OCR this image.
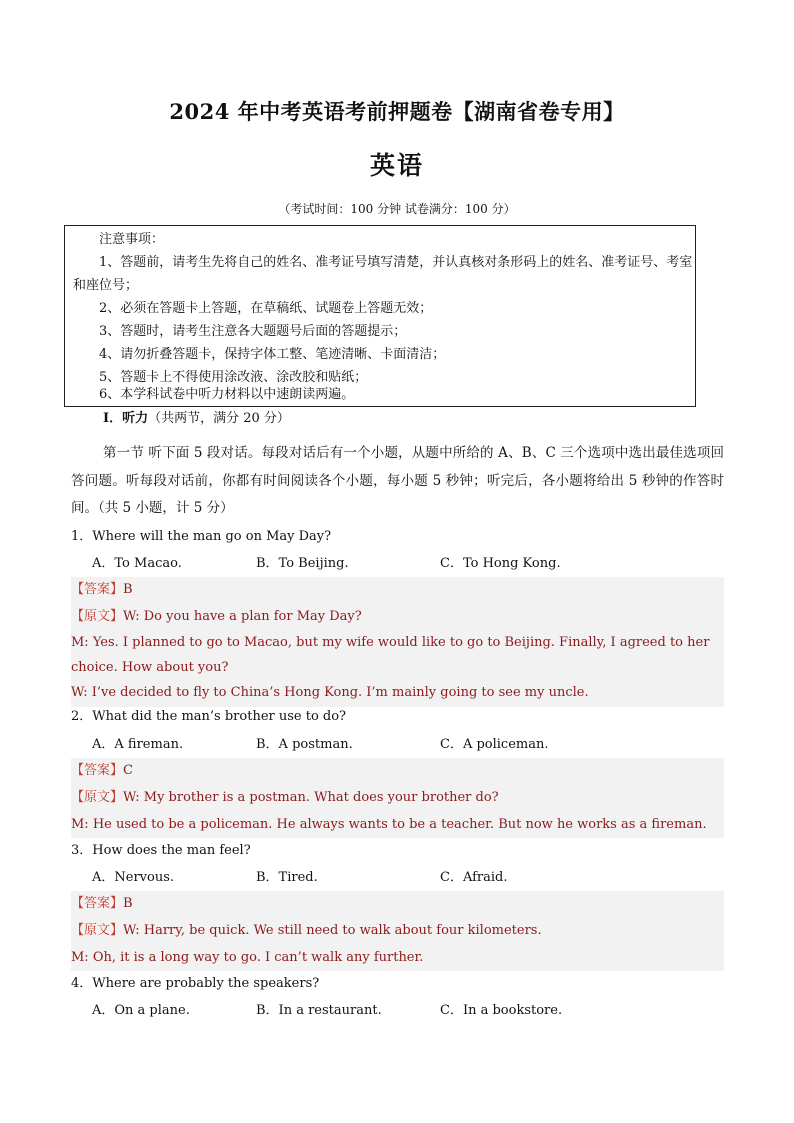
2024 年中考英语考前押题卷【湖南省卷专用】
英语
（考试时间：100 分钟 试卷满分：100 分）
注意事项：
1、答题前，请考生先将自己的姓名、准考证号填写清楚，并认真核对条形码上的姓名、准考证号、考室和座位号；
2、必须在答题卡上答题，在草稿纸、试题卷上答题无效；
3、答题时，请考生注意各大题题号后面的答题提示；
4、请勿折叠答题卡，保持字体工整、笔迹清晰、卡面清洁；
5、答题卡上不得使用涂改液、涂改胶和贴纸；
6、本学科试卷中听力材料以中速朗读两遍。
I．听力（共两节，满分 20 分）
第一节 听下面 5 段对话。每段对话后有一个小题，从题中所给的 A、B、C 三个选项中选出最佳选项回答问题。听每段对话前，你都有时间阅读各个小题，每小题 5 秒钟；听完后，各小题将给出 5 秒钟的作答时间。（共 5 小题，计 5 分）
1．Where will the man go on May Day?
A．To Macao.	B．To Beijing.	C．To Hong Kong.
【答案】B
【原文】W: Do you have a plan for May Day?
M: Yes. I planned to go to Macao, but my wife would like to go to Beijing. Finally, I agreed to her choice. How about you?
W: I’ve decided to fly to China’s Hong Kong. I’m mainly going to see my uncle.
2．What did the man’s brother use to do?
A．A fireman.	B．A postman.	C．A policeman.
【答案】C
【原文】W: My brother is a postman. What does your brother do?
M: He used to be a policeman. He always wants to be a teacher. But now he works as a fireman.
3．How does the man feel?
A．Nervous.	B．Tired.	C．Afraid.
【答案】B
【原文】W: Harry, be quick. We still need to walk about four kilometers.
M: Oh, it is a long way to go. I can’t walk any further.
4．Where are probably the speakers?
A．On a plane.	B．In a restaurant.	C．In a bookstore.
